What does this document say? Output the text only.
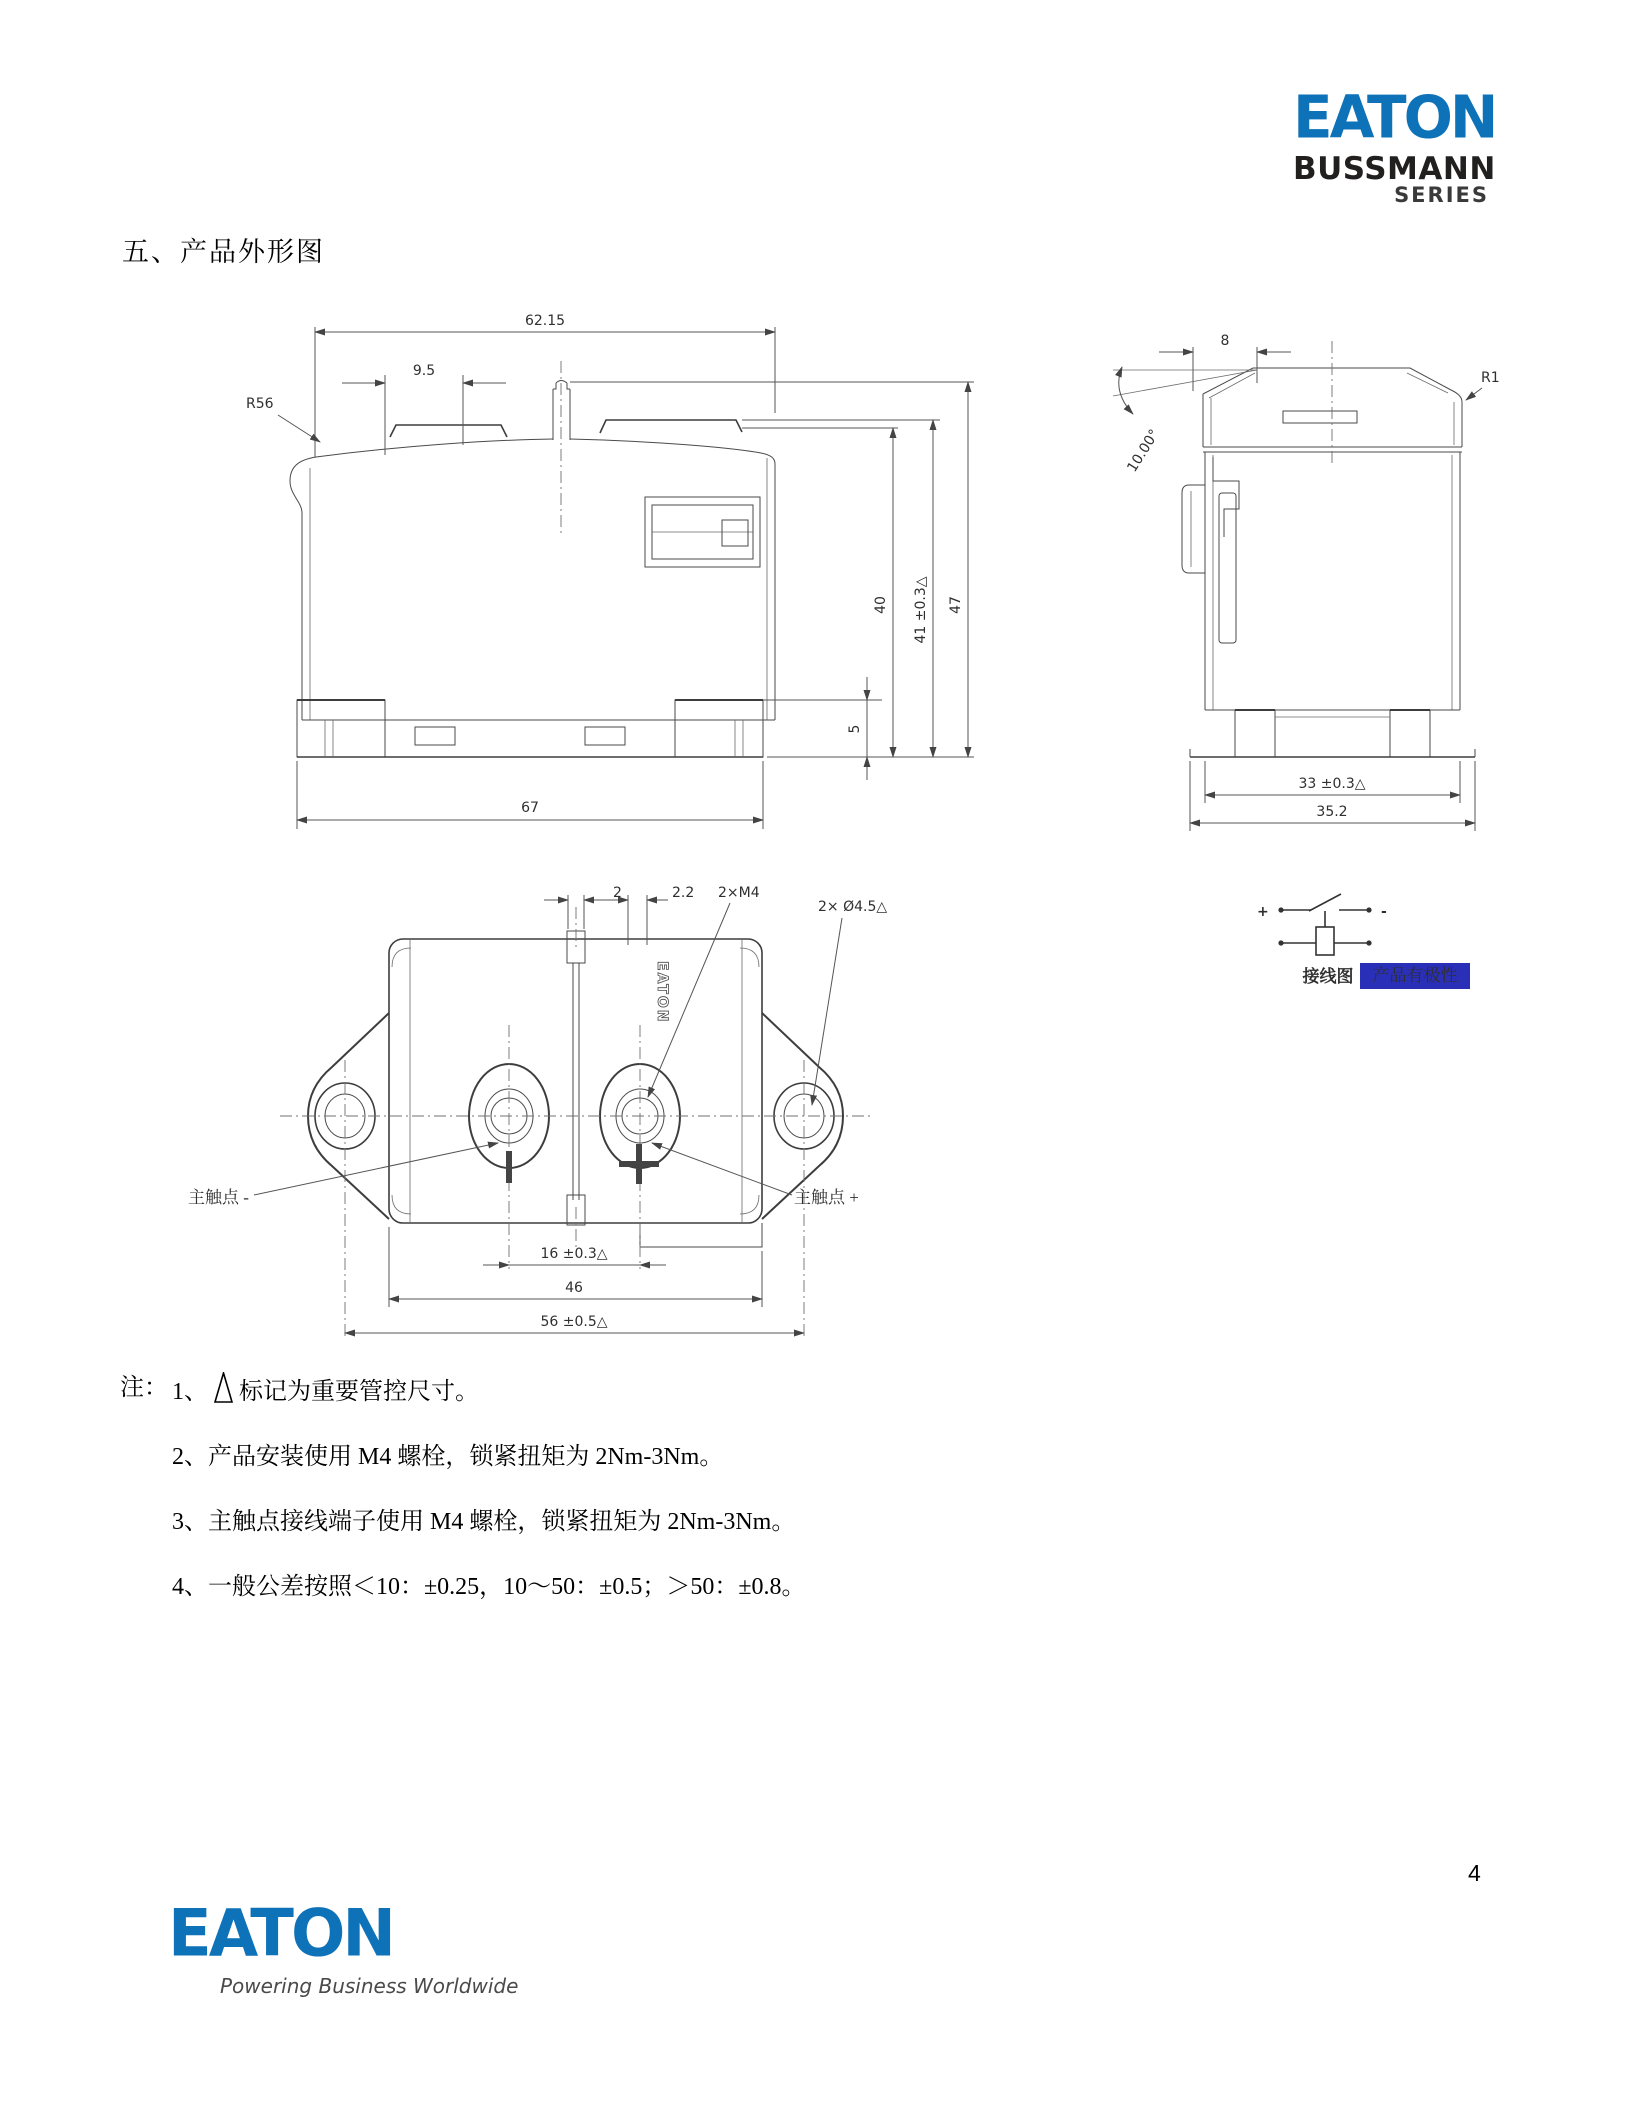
EATON
BUSSMANN
SERIES
五、产品外形图
62.15
9.5
R56
40 41 ±0.3△ 47
5
67
8
10.00°
R1
33 ±0.3△
35.2
EATON
2	2.2 2×M4
2× Ø4.5△
主触点 -	主触点 +
16 ±0.3△
46
56 ±0.5△
+	-
接线图 产品有极性
注： 1、 标记为重要管控尺寸。
2、产品安装使用 M4 螺栓，锁紧扭矩为 2Nm-3Nm。
3、主触点接线端子使用 M4 螺栓，锁紧扭矩为 2Nm-3Nm。
4、一般公差按照＜10：±0.25，10～50：±0.5；＞50：±0.8。
4
EATON
Powering Business Worldwide
